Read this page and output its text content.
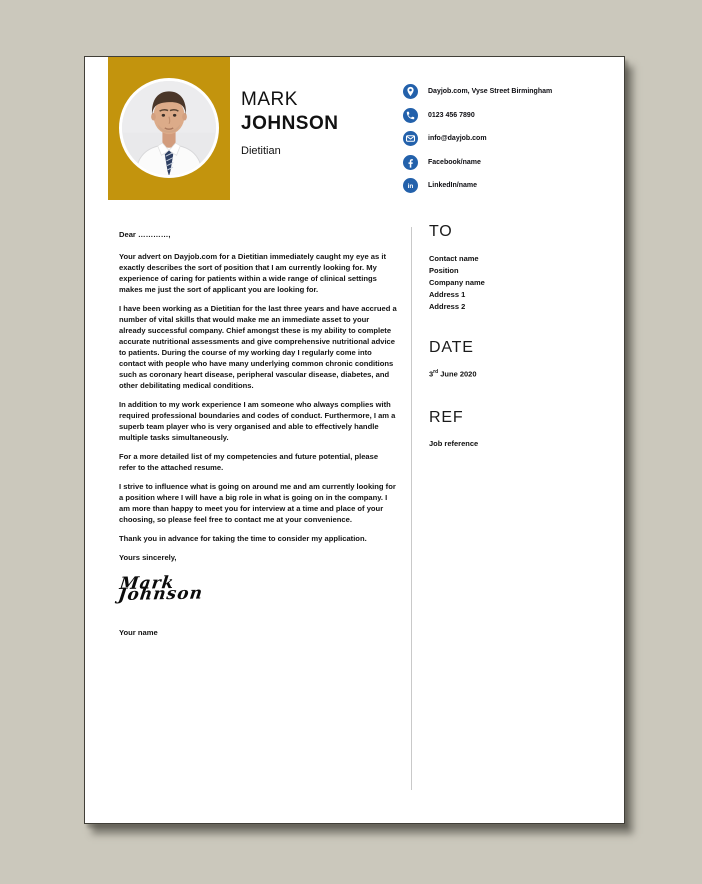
MARK
JOHNSON
Dietitian
Dayjob.com, Vyse Street Birmingham
0123 456 7890
info@dayjob.com
Facebook/name
in LinkedIn/name
Dear …………,

Your advert on Dayjob.com for a Dietitian immediately caught my eye as it exactly describes the sort of position that I am currently looking for. My experience of caring for patients within a wide range of clinical settings makes me just the sort of applicant you are looking for.

I have been working as a Dietitian for the last three years and have accrued a number of vital skills that would make me an immediate asset to your already successful company. Chief amongst these is my ability to complete accurate nutritional assessments and give comprehensive nutritional advice to patients. During the course of my working day I regularly come into contact with people who have many underlying common chronic conditions such as coronary heart disease, peripheral vascular disease, diabetes, and other debilitating medical conditions.

In addition to my work experience I am someone who always complies with required professional boundaries and codes of conduct. Furthermore, I am a superb team player who is very organised and able to effectively handle multiple tasks simultaneously.

For a more detailed list of my competencies and future potential, please refer to the attached resume.

I strive to influence what is going on around me and am currently looking for a position where I will have a big role in what is going on in the company. I am more than happy to meet you for interview at a time and place of your choosing, so please feel free to contact me at your convenience.

Thank you in advance for taking the time to consider my application.

Yours sincerely,
Mark Johnson
Your name
TO
Contact name
Position
Company name
Address 1
Address 2
DATE
3rd June 2020
REF
Job reference
